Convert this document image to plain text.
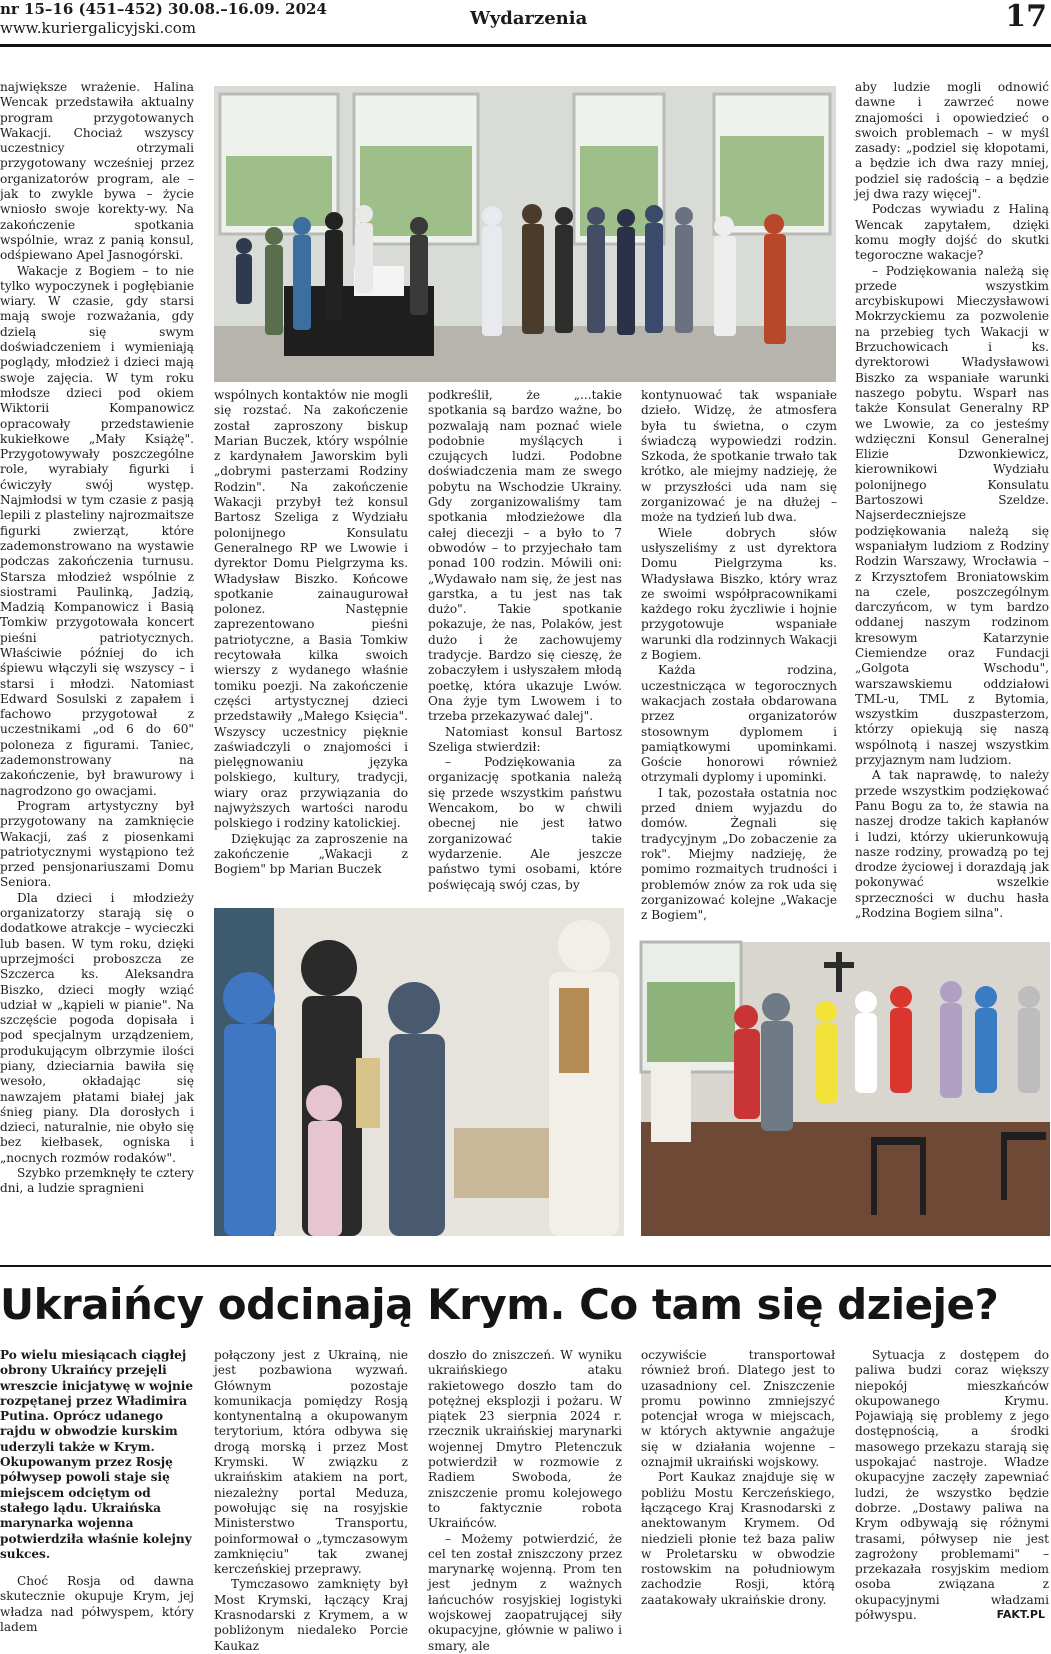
nr 15–16 (451–452) 30.08.–16.09. 2024
www.kuriergalicyjski.com	Wydarzenia	17

największe wrażenie. Halina Wencak przedstawiła aktualny program przygotowanych Wakacji. Chociaż wszyscy uczestnicy otrzymali przygotowany wcześniej przez organizatorów program, ale – jak to zwykle bywa – życie wniosło swoje korekty-wy. Na zakończenie spotkania wspólnie, wraz z panią konsul, odśpiewano Apel Jasnogórski.

Wakacje z Bogiem – to nie tylko wypoczynek i pogłębianie wiary. W czasie, gdy starsi mają swoje rozważania, gdy dzielą się swym doświadczeniem i wymieniają poglądy, młodzież i dzieci mają swoje zajęcia. W tym roku młodsze dzieci pod okiem Wiktorii Kompanowicz opracowały przedstawienie kukiełkowe „Mały Książę". Przygotowywały poszczególne role, wyrabiały figurki i ćwiczyły swój występ. Najmłodsi w tym czasie z pasją lepili z plasteliny najrozmaitsze figurki zwierząt, które zademonstrowano na wystawie podczas zakończenia turnusu. Starsza młodzież wspólnie z siostrami Paulinką, Jadzią, Madzią Kompanowicz i Basią Tomkiw przygotowała koncert pieśni patriotycznych. Właściwie później do ich śpiewu włączyli się wszyscy – i starsi i młodzi. Natomiast Edward Sosulski z zapałem i fachowo przygotował z uczestnikami „od 6 do 60" poloneza z figurami. Taniec, zademonstrowany na zakończenie, był brawurowy i nagrodzono go owacjami.

Program artystyczny był przygotowany na zamknięcie Wakacji, zaś z piosenkami patriotycznymi wystąpiono też przed pensjonariuszami Domu Seniora.

Dla dzieci i młodzieży organizatorzy starają się o dodatkowe atrakcje – wycieczki lub basen. W tym roku, dzięki uprzejmości proboszcza ze Szczerca ks. Aleksandra Biszko, dzieci mogły wziąć udział w „kąpieli w pianie". Na szczęście pogoda dopisała i pod specjalnym urządzeniem, produkującym olbrzymie ilości piany, dzieciarnia bawiła się wesoło, okładając się nawzajem płatami białej jak śnieg piany. Dla dorosłych i dzieci, naturalnie, nie obyło się bez kiełbasek, ogniska i „nocnych rozmów rodaków".

Szybko przemknęły te cztery dni, a ludzie spragnieni

wspólnych kontaktów nie mogli się rozstać. Na zakończenie został zaproszony biskup Marian Buczek, który wspólnie z kardynałem Jaworskim byli „dobrymi pasterzami Rodziny Rodzin". Na zakończenie Wakacji przybył też konsul Bartosz Szeliga z Wydziału polonijnego Konsulatu Generalnego RP we Lwowie i dyrektor Domu Pielgrzyma ks. Władysław Biszko. Końcowe spotkanie zainaugurował polonez. Następnie zaprezentowano pieśni patriotyczne, a Basia Tomkiw recytowała kilka swoich wierszy z wydanego właśnie tomiku poezji. Na zakończenie części artystycznej dzieci przedstawiły „Małego Księcia". Wszyscy uczestnicy pięknie zaświadczyli o znajomości i pielęgnowaniu języka polskiego, kultury, tradycji, wiary oraz przywiązania do najwyższych wartości narodu polskiego i rodziny katolickiej.

Dziękując za zaproszenie na zakończenie „Wakacji z Bogiem" bp Marian Buczek

podkreślił, że „...takie spotkania są bardzo ważne, bo pozwalają nam poznać wiele podobnie myślących i czujących ludzi. Podobne doświadczenia mam ze swego pobytu na Wschodzie Ukrainy. Gdy zorganizowaliśmy tam spotkania młodzieżowe dla całej diecezji – a było to 7 obwodów – to przyjechało tam ponad 100 rodzin. Mówili oni: „Wydawało nam się, że jest nas garstka, a tu jest nas tak dużo". Takie spotkanie pokazuje, że nas, Polaków, jest dużo i że zachowujemy tradycje. Bardzo się cieszę, że zobaczyłem i usłyszałem młodą poetkę, która ukazuje Lwów. Ona żyje tym Lwowem i to trzeba przekazywać dalej".

Natomiast konsul Bartosz Szeliga stwierdził:

– Podziękowania za organizację spotkania należą się przede wszystkim państwu Wencakom, bo w chwili obecnej nie jest łatwo zorganizować takie wydarzenie. Ale jeszcze państwo tymi osobami, które poświęcają swój czas, by

kontynuować tak wspaniałe dzieło. Widzę, że atmosfera była tu świetna, o czym świadczą wypowiedzi rodzin. Szkoda, że spotkanie trwało tak krótko, ale miejmy nadzieję, że w przyszłości uda nam się zorganizować je na dłużej – może na tydzień lub dwa.

Wiele dobrych słów usłyszeliśmy z ust dyrektora Domu Pielgrzyma ks. Władysława Biszko, który wraz ze swoimi współpracownikami każdego roku życzliwie i hojnie przygotowuje wspaniałe warunki dla rodzinnych Wakacji z Bogiem.

Każda rodzina, uczestnicząca w tegorocznych wakacjach została obdarowana przez organizatorów stosownym dyplomem i pamiątkowymi upominkami. Goście honorowi również otrzymali dyplomy i upominki.

I tak, pozostała ostatnia noc przed dniem wyjazdu do domów. Żegnali się tradycyjnym „Do zobaczenie za rok". Miejmy nadzieję, że pomimo rozmaitych trudności i problemów znów za rok uda się zorganizować kolejne „Wakacje z Bogiem",

aby ludzie mogli odnowić dawne i zawrzeć nowe znajomości i opowiedzieć o swoich problemach – w myśl zasady: „podziel się kłopotami, a będzie ich dwa razy mniej, podziel się radością – a będzie jej dwa razy więcej".

Podczas wywiadu z Haliną Wencak zapytałem, dzięki komu mogły dojść do skutki tegoroczne wakacje?

– Podziękowania należą się przede wszystkim arcybiskupowi Mieczysławowi Mokrzyckiemu za pozwolenie na przebieg tych Wakacji w Brzuchowicach i ks. dyrektorowi Władysławowi Biszko za wspaniałe warunki naszego pobytu. Wsparł nas także Konsulat Generalny RP we Lwowie, za co jesteśmy wdzięczni Konsul Generalnej Elizie Dzwonkiewicz, kierownikowi Wydziału polonijnego Konsulatu Bartoszowi Szeldze. Najserdeczniejsze podziękowania należą się wspaniałym ludziom z Rodziny Rodzin Warszawy, Wrocławia – z Krzysztofem Broniatowskim na czele, poszczególnym darczyńcom, w tym bardzo oddanej naszym rodzinom kresowym Katarzynie Ciemiendze oraz Fundacji „Golgota Wschodu", warszawskiemu oddziałowi TML-u, TML z Bytomia, wszystkim duszpasterzom, którzy opiekują się naszą wspólnotą i naszej wszystkim przyjaznym nam ludziom.

A tak naprawdę, to należy przede wszystkim podziękować Panu Bogu za to, że stawia na naszej drodze takich kapłanów i ludzi, którzy ukierunkowują nasze rodziny, prowadzą po tej drodze życiowej i dorazdają jak pokonywać wszelkie sprzeczności w duchu hasła „Rodzina Bogiem silna".

Ukraińcy odcinają Krym. Co tam się dzieje?

Po wielu miesiącach ciągłej obrony Ukraińcy przejęli wreszcie inicjatywę w wojnie rozpętanej przez Władimira Putina. Oprócz udanego rajdu w obwodzie kurskim uderzyli także w Krym. Okupowanym przez Rosję półwysep powoli staje się miejscem odciętym od stałego lądu. Ukraińska marynarka wojenna potwierdziła właśnie kolejny sukces.

Choć Rosja od dawna skutecznie okupuje Krym, jej władza nad półwyspem, który ladem

połączony jest z Ukrainą, nie jest pozbawiona wyzwań. Głównym pozostaje komunikacja pomiędzy Rosją kontynentalną a okupowanym terytorium, która odbywa się drogą morską i przez Most Krymski. W związku z ukraińskim atakiem na port, niezależny portal Meduza, powołując się na rosyjskie Ministerstwo Transportu, poinformował o „tymczasowym zamknięciu" tak zwanej kerczeńskiej przeprawy.

Tymczasowo zamknięty był Most Krymski, łączący Kraj Krasnodarski z Krymem, a w pobliżonym niedaleko Porcie Kaukaz

doszło do zniszczeń. W wyniku ukraińskiego ataku rakietowego doszło tam do potężnej eksplozji i pożaru. W piątek 23 sierpnia 2024 r. rzecznik ukraińskiej marynarki wojennej Dmytro Pletenczuk potwierdził w rozmowie z Radiem Swoboda, że zniszczenie promu kolejowego to faktycznie robota Ukraińców.

– Możemy potwierdzić, że cel ten został zniszczony przez marynarkę wojenną. Prom ten jest jednym z ważnych łańcuchów rosyjskiej logistyki wojskowej zaopatrującej siły okupacyjne, głównie w paliwo i smary, ale

oczywiście transportował również broń. Dlatego jest to uzasadniony cel. Zniszczenie promu powinno zmniejszyć potencjał wroga w miejscach, w których aktywnie angażuje się w działania wojenne – oznajmił ukraiński wojskowy.

Port Kaukaz znajduje się w pobliżu Mostu Kerczeńskiego, łączącego Kraj Krasnodarski z anektowanym Krymem. Od niedzieli płonie też baza paliw w Proletarsku w obwodzie rostowskim na południowym zachodzie Rosji, którą zaatakowały ukraińskie drony.

Sytuacja z dostępem do paliwa budzi coraz większy niepokój mieszkańców okupowanego Krymu. Pojawiają się problemy z jego dostępnością, a środki masowego przekazu starają się uspokajać nastroje. Władze okupacyjne zaczęły zapewniać ludzi, że wszystko będzie dobrze. „Dostawy paliwa na Krym odbywają się różnymi trasami, półwysep nie jest zagrożony problemami" – przekazała rosyjskim mediom osoba związana z okupacyjnymi władzami półwyspu.	FAKT.PL
